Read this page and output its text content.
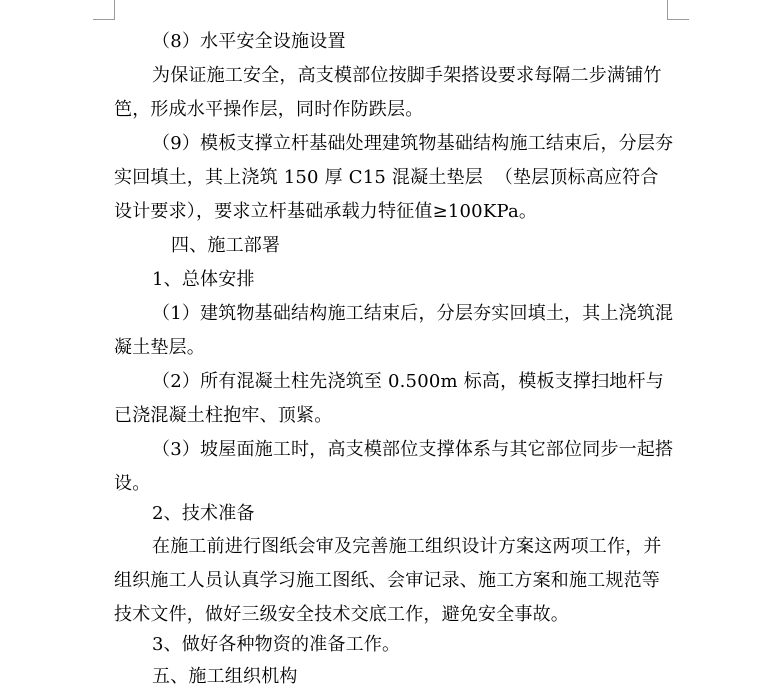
（8）水平安全设施设置

为保证施工安全，高支模部位按脚手架搭设要求每隔二步满铺竹笆，形成水平操作层，同时作防跌层。

（9）模板支撑立杆基础处理建筑物基础结构施工结束后，分层夯实回填土，其上浇筑 150 厚 C15 混凝土垫层  （垫层顶标高应符合设计要求），要求立杆基础承载力特征值≥100KPa。

四、施工部署

1、总体安排

（1）建筑物基础结构施工结束后，分层夯实回填土，其上浇筑混凝土垫层。

（2）所有混凝土柱先浇筑至 0.500m 标高，模板支撑扫地杆与已浇混凝土柱抱牢、顶紧。

（3）坡屋面施工时，高支模部位支撑体系与其它部位同步一起搭设。

2、技术准备

在施工前进行图纸会审及完善施工组织设计方案这两项工作，并组织施工人员认真学习施工图纸、会审记录、施工方案和施工规范等技术文件，做好三级安全技术交底工作，避免安全事故。

3、做好各种物资的准备工作。

五、施工组织机构
